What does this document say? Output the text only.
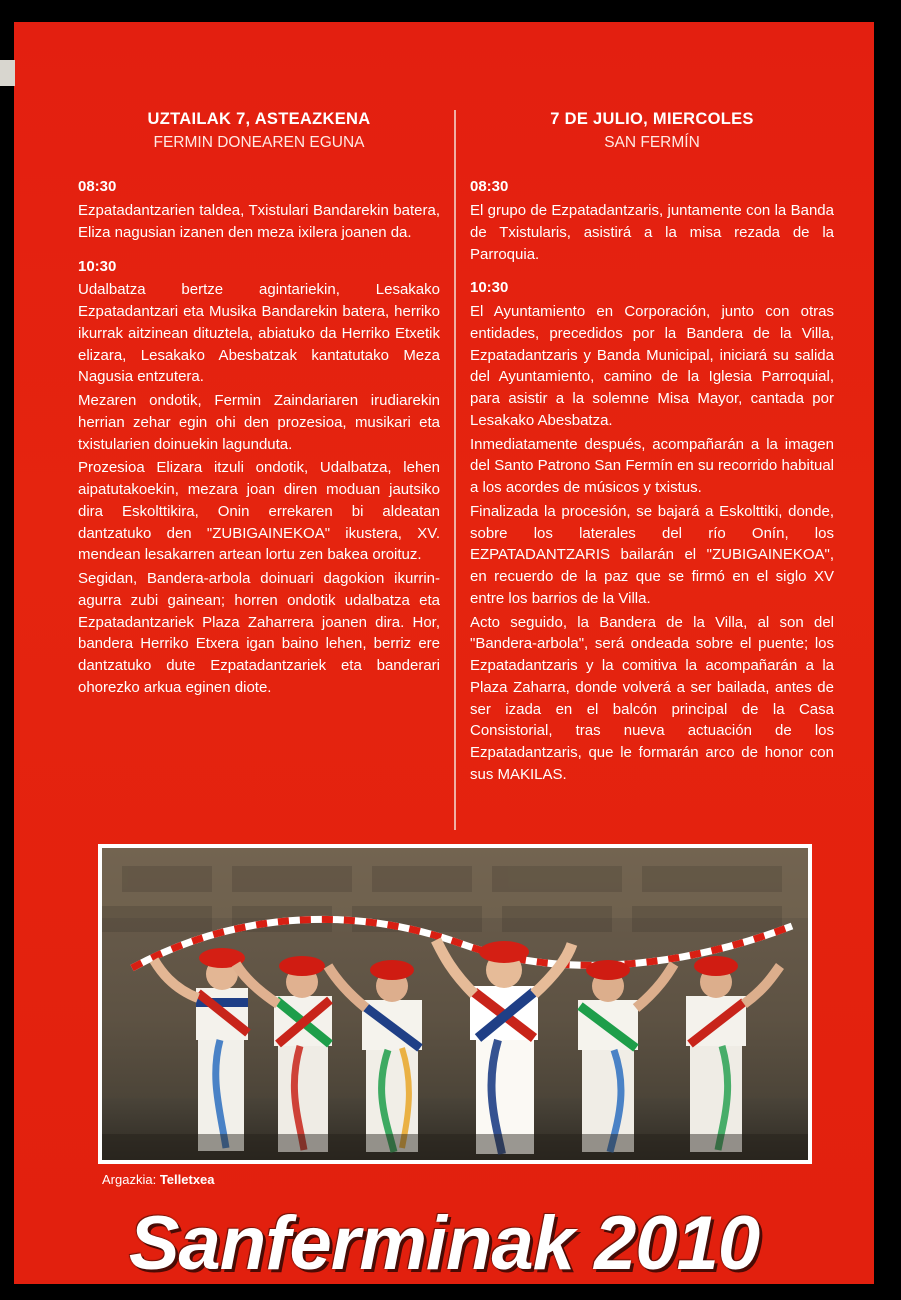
UZTAILAK 7, ASTEAZKENA
FERMIN DONEAREN EGUNA

08:30

Ezpatadantzarien taldea, Txistulari Bandarekin batera, Eliza nagusian izanen den meza ixilera joanen da.

10:30

Udalbatza bertze agintariekin, Lesakako Ezpatadantzari eta Musika Bandarekin batera, herriko ikurrak aitzinean dituztela, abiatuko da Herriko Etxetik elizara, Lesakako Abesbatzak kantatutako Meza Nagusia entzutera.

Mezaren ondotik, Fermin Zaindariaren irudiarekin herrian zehar egin ohi den prozesioa, musikari eta txistularien doinuekin lagunduta.

Prozesioa Elizara itzuli ondotik, Udalbatza, lehen aipatutakoekin, mezara joan diren moduan jautsiko dira Eskolttikira, Onin errekaren bi aldeatan dantzatuko den "ZUBIGAINEKOA" ikustera, XV. mendean lesakarren artean lortu zen bakea oroituz.

Segidan, Bandera-arbola doinuari dagokion ikurrin-agurra zubi gainean; horren ondotik udalbatza eta Ezpatadantzariek Plaza Zaharrera joanen dira. Hor, bandera Herriko Etxera igan baino lehen, berriz ere dantzatuko dute Ezpatadantzariek eta banderari ohorezko arkua eginen diote.

7 DE JULIO, MIERCOLES
SAN FERMÍN

08:30

El grupo de Ezpatadantzaris, juntamente con la Banda de Txistularis, asistirá a la misa rezada de la Parroquia.

10:30

El Ayuntamiento en Corporación, junto con otras entidades, precedidos por la Bandera de la Villa, Ezpatadantzaris y Banda Municipal, iniciará su salida del Ayuntamiento, camino de la Iglesia Parroquial, para asistir a la solemne Misa Mayor, cantada por Lesakako Abesbatza.

Inmediatamente después, acompañarán a la imagen del Santo Patrono San Fermín en su recorrido habitual a los acordes de músicos y txistus.

Finalizada la procesión, se bajará a Eskolttiki, donde, sobre los laterales del río Onín, los EZPATADANTZARIS bailarán el "ZUBIGAINEKOA", en recuerdo de la paz que se firmó en el siglo XV entre los barrios de la Villa.

Acto seguido, la Bandera de la Villa, al son del "Bandera-arbola", será ondeada sobre el puente; los Ezpatadantzaris y la comitiva la acompañarán a la Plaza Zaharra, donde volverá a ser bailada, antes de ser izada en el balcón principal de la Casa Consistorial, tras nueva actuación de los Ezpatadantzaris, que le formarán arco de honor con sus MAKILAS.

Argazkia: Telletxea
Sanferminak 2010
